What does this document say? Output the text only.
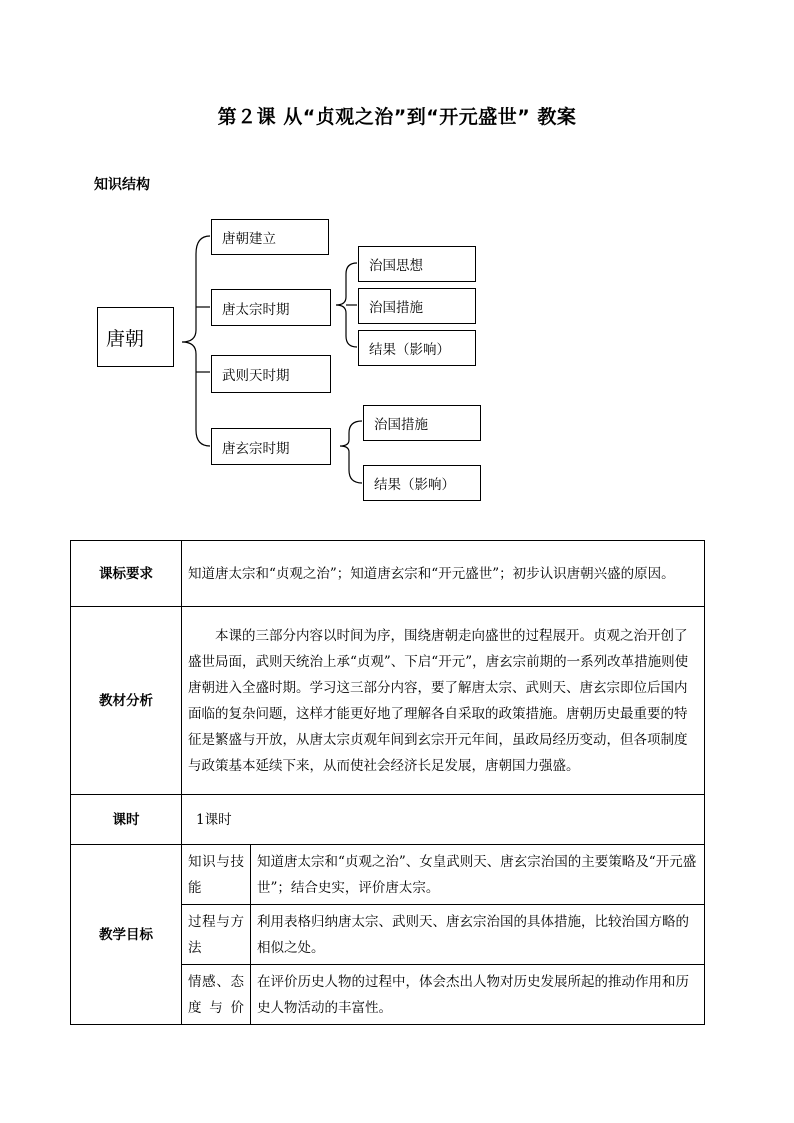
第２课 从“贞观之治”到“开元盛世” 教案
知识结构
唐朝
唐朝建立
唐太宗时期
武则天时期
唐玄宗时期
治国思想
治国措施
结果（影响）
治国措施
结果（影响）
课标要求	知道唐太宗和“贞观之治”；知道唐玄宗和“开元盛世”；初步认识唐朝兴盛的原因。	
教材分析	本课的三部分内容以时间为序，围绕唐朝走向盛世的过程展开。贞观之治开创了盛世局面，武则天统治上承“贞观”、下启“开元”，唐玄宗前期的一系列改革措施则使唐朝进入全盛时期。学习这三部分内容，要了解唐太宗、武则天、唐玄宗即位后国内面临的复杂问题，这样才能更好地了理解各自采取的政策措施。唐朝历史最重要的特征是繁盛与开放，从唐太宗贞观年间到玄宗开元年间，虽政局经历变动，但各项制度与政策基本延续下来，从而使社会经济长足发展，唐朝国力强盛。	
课时	1课时	
教学目标	知识与技能	知道唐太宗和“贞观之治”、女皇武则天、唐玄宗治国的主要策略及“开元盛世”；结合史实，评价唐太宗。
	过程与方法	利用表格归纳唐太宗、武则天、唐玄宗治国的具体措施，比较治国方略的相似之处。
	情感、态度与价	在评价历史人物的过程中，体会杰出人物对历史发展所起的推动作用和历史人物活动的丰富性。
